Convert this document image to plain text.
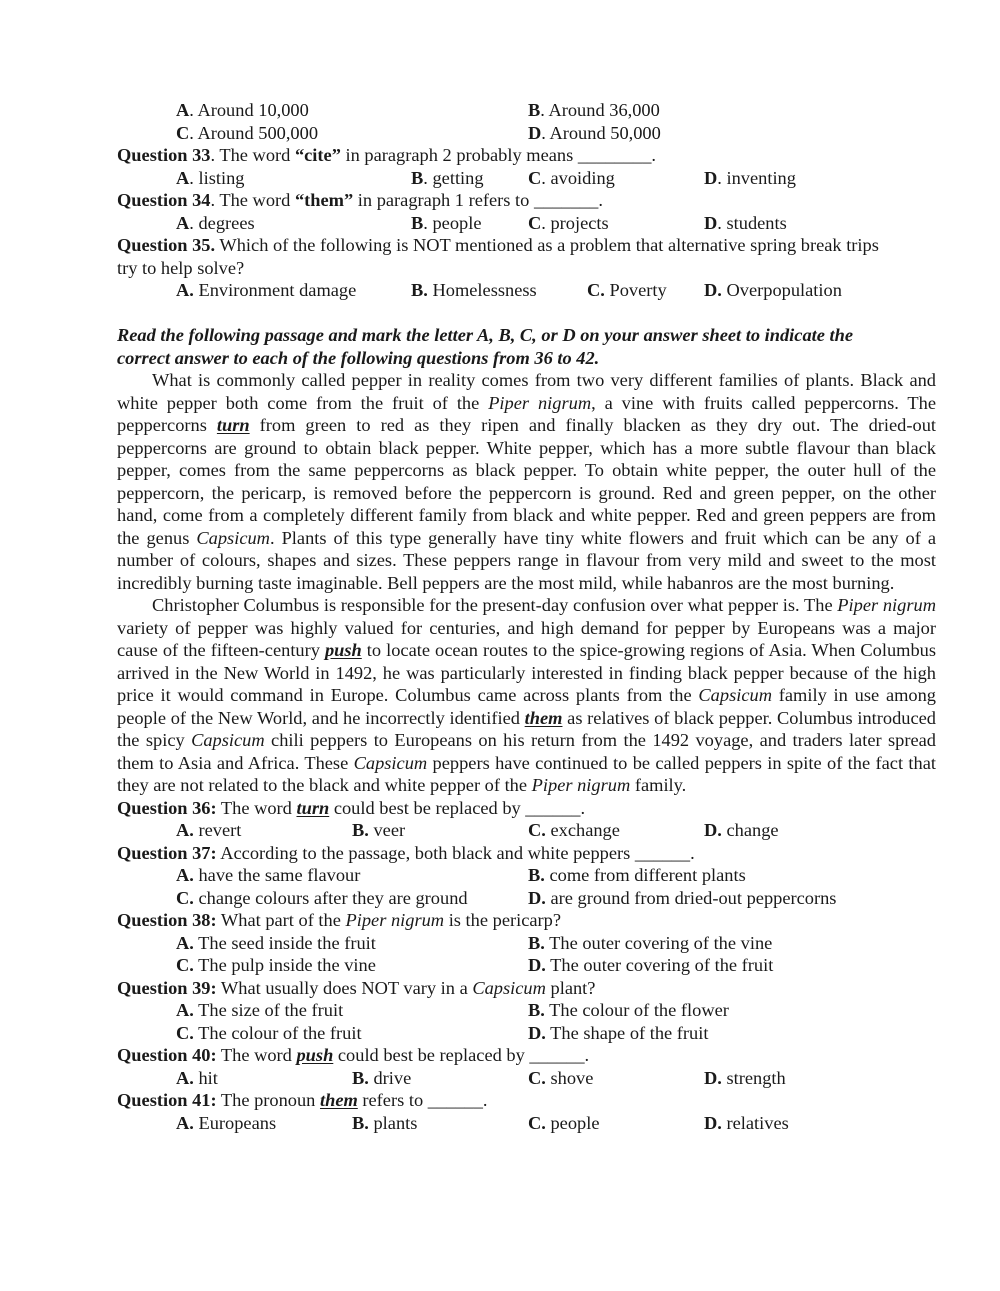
A. Around 10,000	B. Around 36,000
C. Around 500,000	D. Around 50,000
Question 33. The word “cite” in paragraph 2 probably means ________.
A. listing	B. getting C. avoiding	D. inventing
Question 34. The word “them” in paragraph 1 refers to _______.
A. degrees	B. people	C. projects	D. students
Question 35. Which of the following is NOT mentioned as a problem that alternative spring break trips
try to help solve?
A. Environment damage	B. Homelessness	C. Poverty D. Overpopulation
Read the following passage and mark the letter A, B, C, or D on your answer sheet to indicate the
correct answer to each of the following questions from 36 to 42.

What is commonly called pepper in reality comes from two very different families of plants. Black and white pepper both come from the fruit of the Piper nigrum, a vine with fruits called peppercorns. The peppercorns turn from green to red as they ripen and finally blacken as they dry out. The dried-out peppercorns are ground to obtain black pepper. White pepper, which has a more subtle flavour than black pepper, comes from the same peppercorns as black pepper. To obtain white pepper, the outer hull of the peppercorn, the pericarp, is removed before the peppercorn is ground. Red and green pepper, on the other hand, come from a completely different family from black and white pepper. Red and green peppers are from the genus Capsicum. Plants of this type generally have tiny white flowers and fruit which can be any of a number of colours, shapes and sizes. These peppers range in flavour from very mild and sweet to the most incredibly burning taste imaginable. Bell peppers are the most mild, while habanros are the most burning.

Christopher Columbus is responsible for the present-day confusion over what pepper is. The Piper nigrum variety of pepper was highly valued for centuries, and high demand for pepper by Europeans was a major cause of the fifteen-century push to locate ocean routes to the spice-growing regions of Asia. When Columbus arrived in the New World in 1492, he was particularly interested in finding black pepper because of the high price it would command in Europe. Columbus came across plants from the Capsicum family in use among people of the New World, and he incorrectly identified them as relatives of black pepper. Columbus introduced the spicy Capsicum chili peppers to Europeans on his return from the 1492 voyage, and traders later spread them to Asia and Africa. These Capsicum peppers have continued to be called peppers in spite of the fact that they are not related to the black and white pepper of the Piper nigrum family.

Question 36: The word turn could best be replaced by ______.
A. revert	B. veer	C. exchange	D. change
Question 37: According to the passage, both black and white peppers ______.
A. have the same flavour	B. come from different plants
C. change colours after they are ground	D. are ground from dried-out peppercorns
Question 38: What part of the Piper nigrum is the pericarp?
A. The seed inside the fruit	B. The outer covering of the vine
C. The pulp inside the vine	D. The outer covering of the fruit
Question 39: What usually does NOT vary in a Capsicum plant?
A. The size of the fruit	B. The colour of the flower
C. The colour of the fruit	D. The shape of the fruit
Question 40: The word push could best be replaced by ______.
A. hit	B. drive	C. shove	D. strength
Question 41: The pronoun them refers to ______.
A. Europeans	B. plants	C. people	D. relatives
